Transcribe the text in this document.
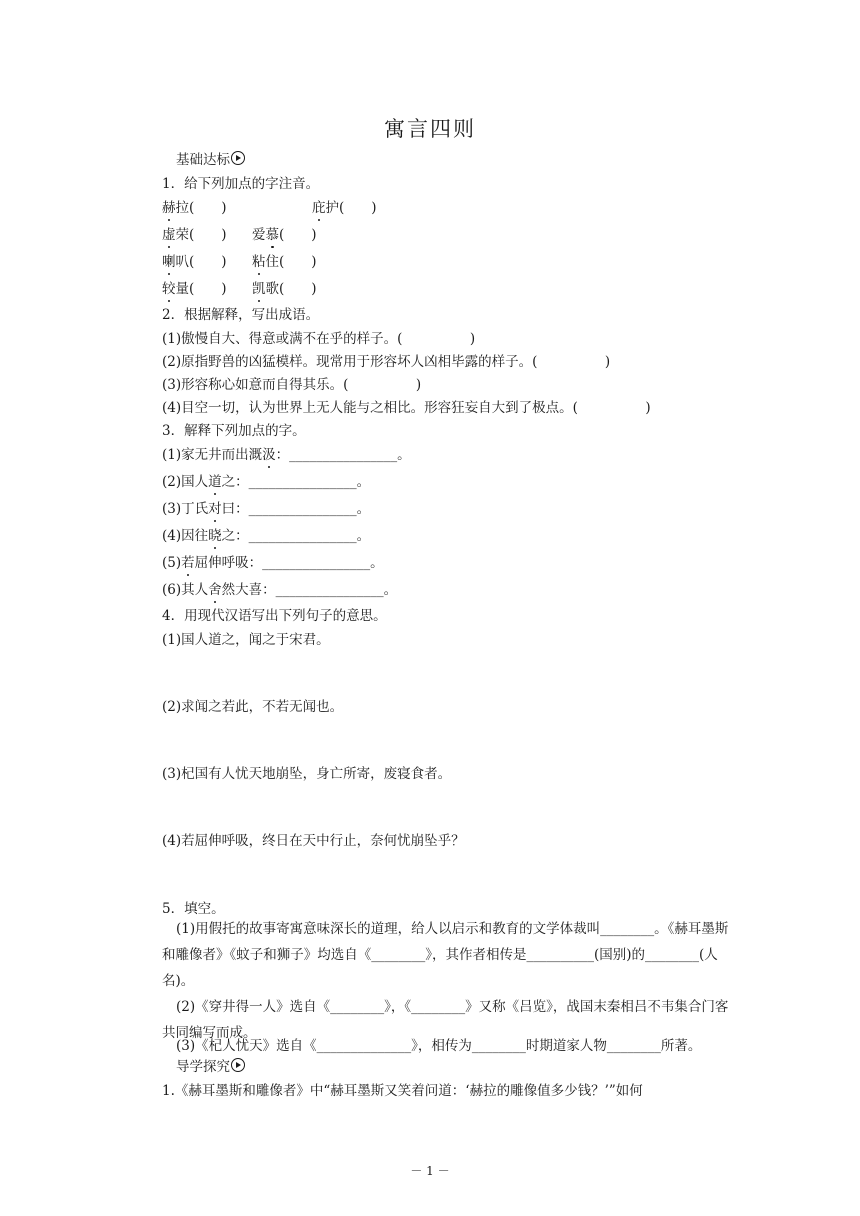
寓言四则
基础达标
1．给下列加点的字注音。
赫拉(　　)	庇护(　　)
虚荣(　　) 爱慕(　　)
喇叭(　　) 粘住(　　)
较量(　　) 凯歌(　　)
2．根据解释，写出成语。
(1)傲慢自大、得意或满不在乎的样子。(　　　　　)
(2)原指野兽的凶猛模样。现常用于形容坏人凶相毕露的样子。(　　　　　)
(3)形容称心如意而自得其乐。(　　　　　)
(4)目空一切，认为世界上无人能与之相比。形容狂妄自大到了极点。(　　　　　)
3．解释下列加点的字。
(1)家无井而出溉汲：________________。
(2)国人道之：________________。
(3)丁氏对曰：________________。
(4)因往晓之：________________。
(5)若屈伸呼吸：________________。
(6)其人舍然大喜：________________。
4．用现代汉语写出下列句子的意思。
(1)国人道之，闻之于宋君。
(2)求闻之若此，不若无闻也。
(3)杞国有人忧天地崩坠，身亡所寄，废寝食者。
(4)若屈伸呼吸，终日在天中行止，奈何忧崩坠乎？
5．填空。
(1)用假托的故事寄寓意味深长的道理，给人以启示和教育的文学体裁叫________。《赫耳墨斯和雕像者》《蚊子和狮子》均选自《________》，其作者相传是__________(国别)的________(人名)。
(2)《穿井得一人》选自《________》，《________》又称《吕览》，战国末秦相吕不韦集合门客共同编写而成。
(3)《杞人忧天》选自《______________》，相传为________时期道家人物________所著。
导学探究
1.《赫耳墨斯和雕像者》中“赫耳墨斯又笑着问道：‘赫拉的雕像值多少钱？’”如何
－ 1 －
